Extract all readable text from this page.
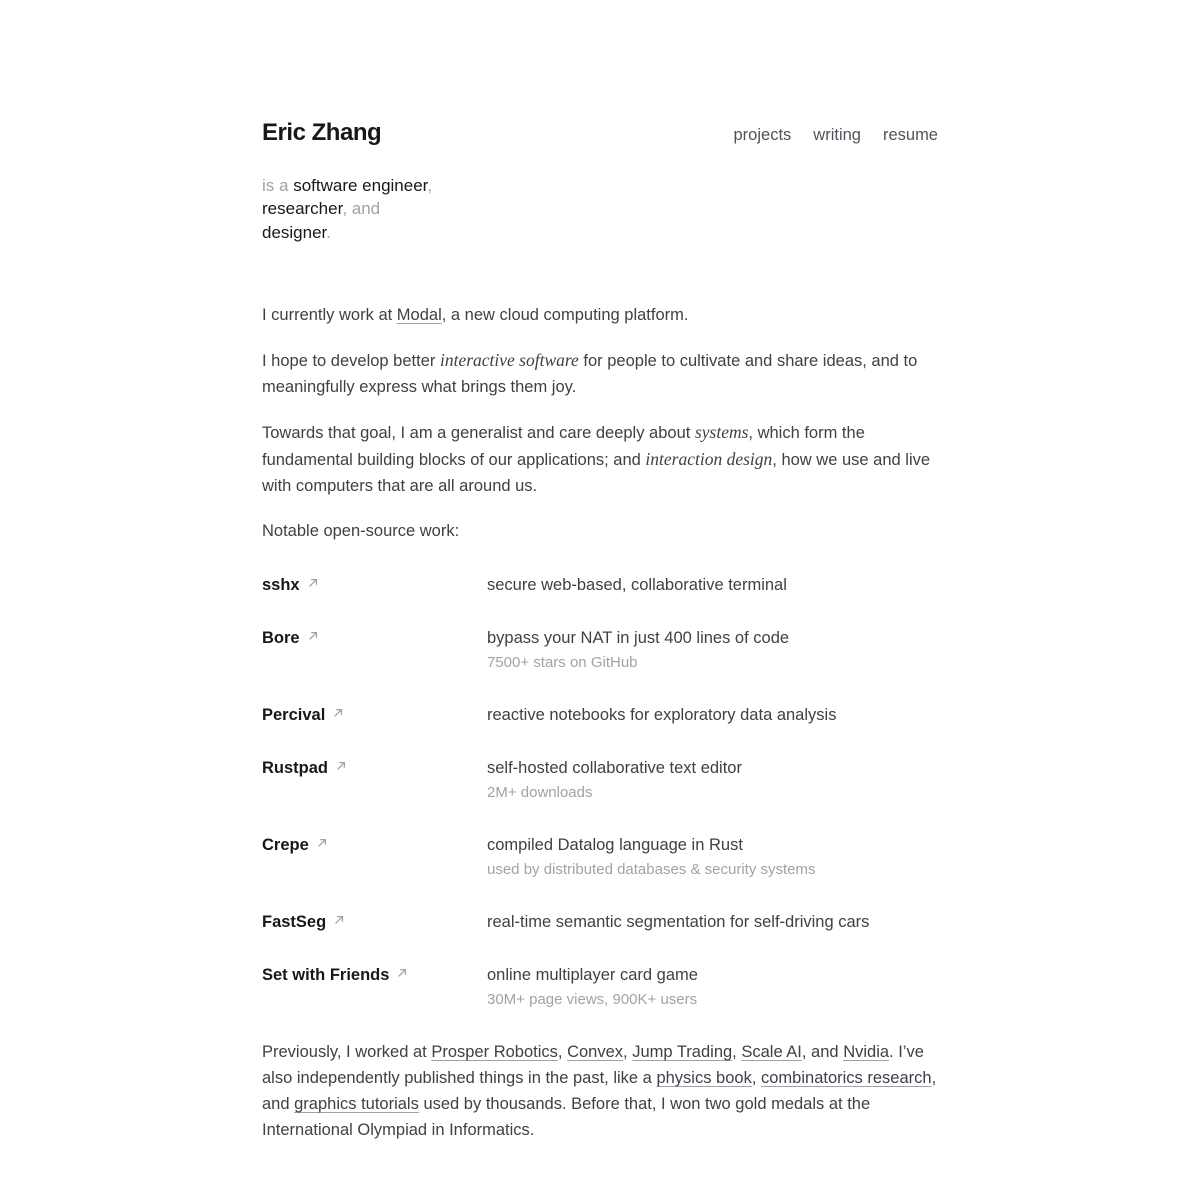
Eric Zhang	projects writing resume

is a software engineer,
researcher, and
designer.

I currently work at Modal, a new cloud computing platform.

I hope to develop better interactive software for people to cultivate and share ideas, and to meaningfully express what brings them joy.

Towards that goal, I am a generalist and care deeply about systems, which form the fundamental building blocks of our applications; and interaction design, how we use and live with computers that are all around us.

Notable open-source work:

sshx	secure web-based, collaborative terminal
Bore	bypass your NAT in just 400 lines of code
7500+ stars on GitHub
Percival	reactive notebooks for exploratory data analysis
Rustpad	self-hosted collaborative text editor
2M+ downloads
Crepe	compiled Datalog language in Rust
used by distributed databases & security systems
FastSeg	real-time semantic segmentation for self-driving cars
Set with Friends	online multiplayer card game
30M+ page views, 900K+ users

Previously, I worked at Prosper Robotics, Convex, Jump Trading, Scale AI, and Nvidia. I’ve also independently published things in the past, like a physics book, combinatorics research, and graphics tutorials used by thousands. Before that, I won two gold medals at the International Olympiad in Informatics.
